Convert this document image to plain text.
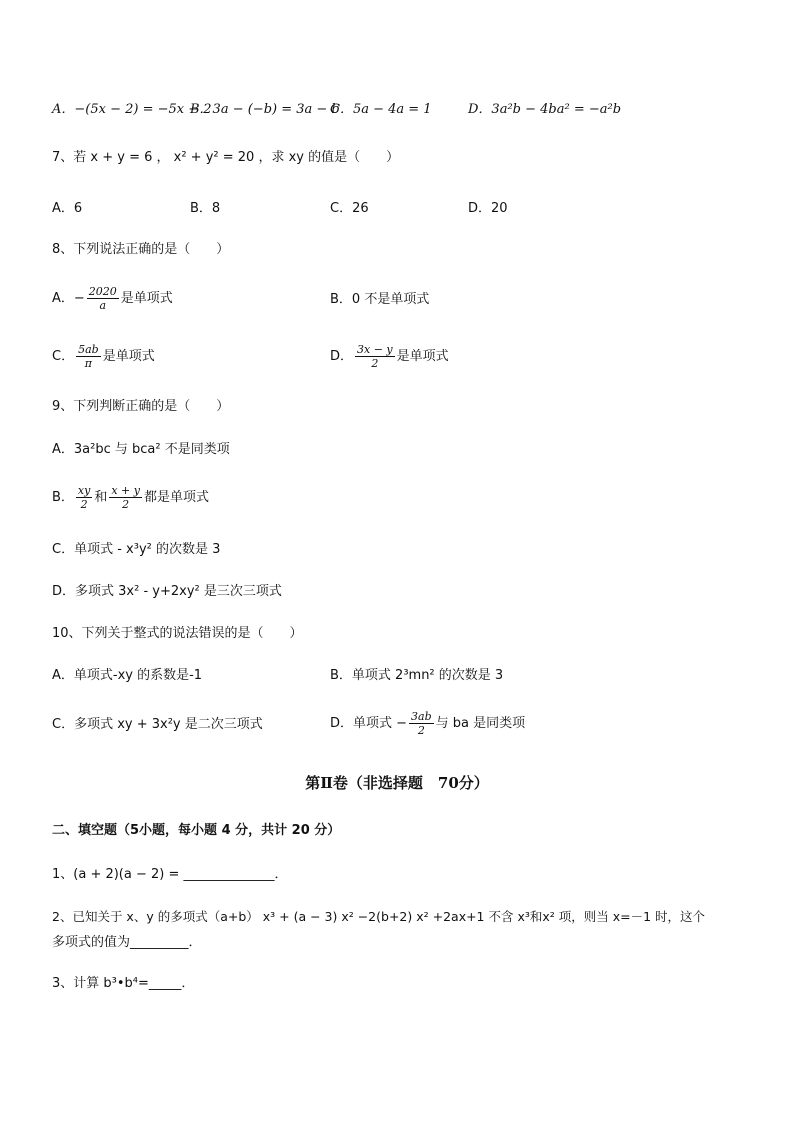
A．−(5x − 2) = −5x − 2
B．3a − (−b) = 3a − b
C．5a − 4a = 1	D．3a²b − 4ba² = −a²b
7、若 x + y = 6 ， x² + y² = 20 ，求 xy 的值是（　　）
A．6	B．8	C．26	D．20
8、下列说法正确的是（　　）
A．− $\frac{2020}{a}$ 是单项式	B．0 不是单项式
C． $\frac{5ab}{\pi}$ 是单项式	D． $\frac{3x - y}{2}$ 是单项式
9、下列判断正确的是（　　）
A．3a²bc 与 bca² 不是同类项
B． $\frac{xy}{2}$ 和 $\frac{x + y}{2}$ 都是单项式
C．单项式 - x³y² 的次数是 3
D．多项式 3x² - y+2xy² 是三次三项式
10、下列关于整式的说法错误的是（　　）
A．单项式-xy 的系数是-1	B．单项式 2³mn² 的次数是 3
C．多项式 xy + 3x²y 是二次三项式	D．单项式 − $\frac{3ab}{2}$ 与 ba 是同类项
第Ⅱ卷（非选择题　70分）
二、填空题（5小题，每小题 4 分，共计 20 分）
1、(a + 2)(a − 2) = ______________．
2、已知关于 x、y 的多项式（a+b） x³ + (a − 3) x² −2(b+2) x² +2ax+1 不含 x³和x² 项，则当 x=－1 时，这个
多项式的值为_________．
3、计算 b³•b⁴=_____．
